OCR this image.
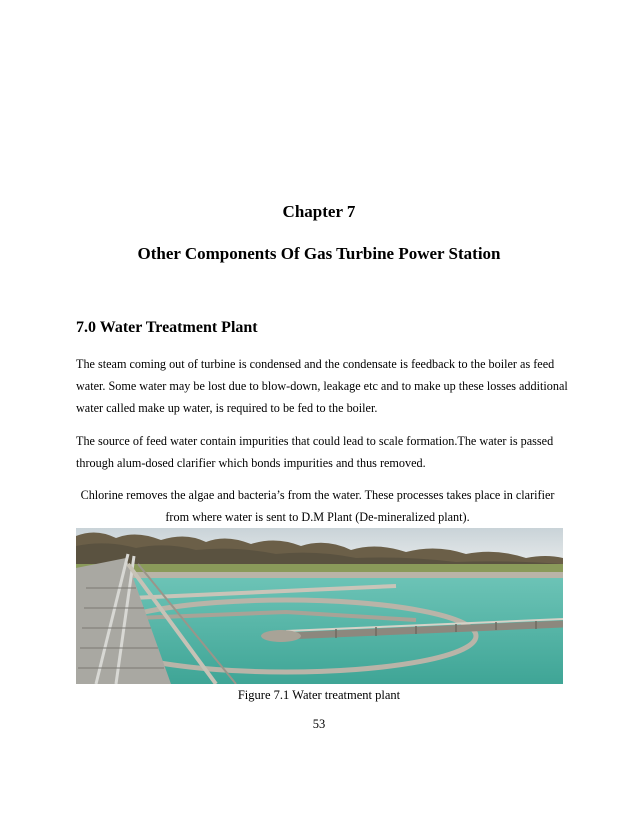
Chapter 7
Other Components Of Gas Turbine Power Station
7.0 Water Treatment Plant
The steam coming out of turbine is condensed and the condensate is feedback to the boiler as feed water. Some water may be lost due to blow-down, leakage etc and to make up these losses additional water called make up water, is required to be fed to the boiler.
The source of feed water contain impurities that could lead to scale formation.The water is passed through alum-dosed clarifier which bonds impurities and thus removed.
Chlorine removes the algae and bacteria’s from the water. These processes takes place in clarifier from where water is sent to D.M Plant (De-mineralized plant).
Figure 7.1 Water treatment plant
53
